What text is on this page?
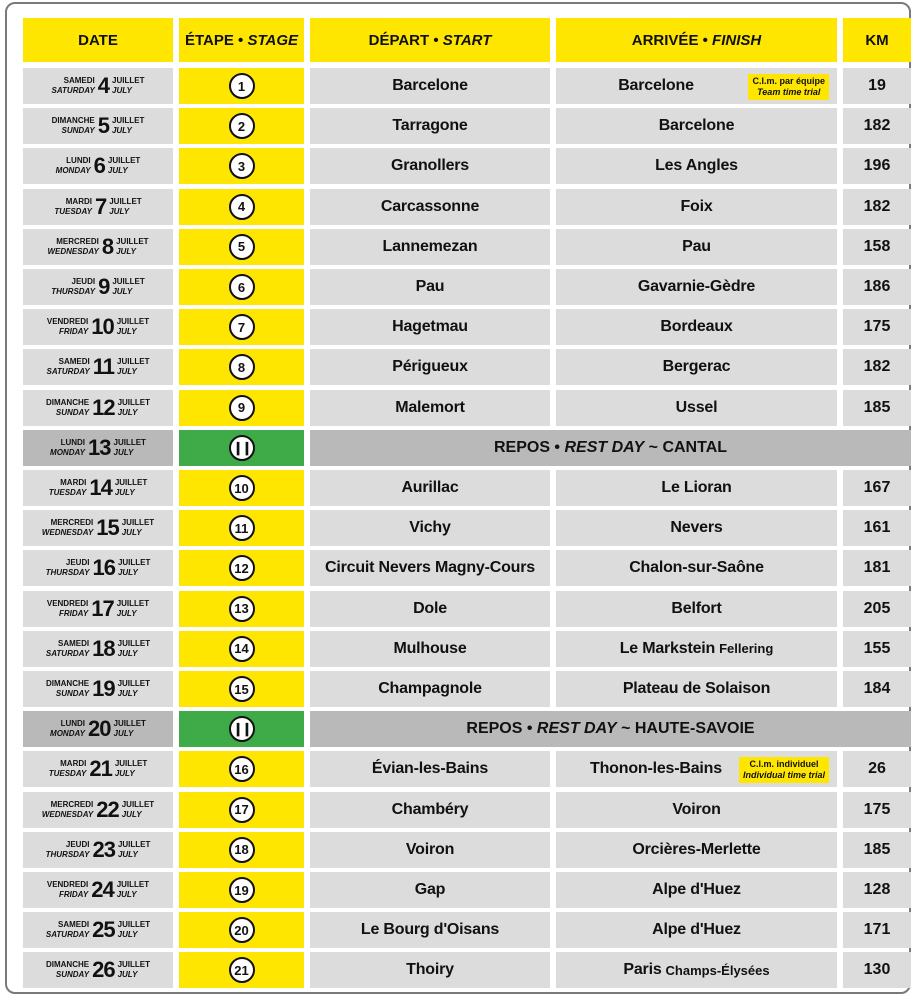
DATE	ÉTAPE • STAGE	DÉPART • START	ARRIVÉE • FINISH	KM
SAMEDI
SATURDAY 4 JUILLET
JULY	1	Barcelone	Barcelone	C.l.m. par équipe
Team time trial	19
DIMANCHE
SUNDAY 5 JUILLET
JULY	2	Tarragone	Barcelone	182
LUNDI
MONDAY 6 JUILLET
JULY	3	Granollers	Les Angles	196
MARDI
TUESDAY 7 JUILLET
JULY	4	Carcassonne	Foix	182
MERCREDI
WEDNESDAY 8 JUILLET
JULY	5	Lannemezan	Pau	158
JEUDI
THURSDAY 9 JUILLET
JULY	6	Pau	Gavarnie-Gèdre	186
VENDREDI
FRIDAY 10 JUILLET
JULY	7	Hagetmau	Bordeaux	175
SAMEDI
SATURDAY 11 JUILLET
JULY	8	Périgueux	Bergerac	182
DIMANCHE
SUNDAY 12 JUILLET
JULY	9	Malemort	Ussel	185
LUNDI
MONDAY 13 JUILLET
JULY	❙❙	REPOS • REST DAY ~ CANTAL
MARDI
TUESDAY 14 JUILLET
JULY	10	Aurillac	Le Lioran	167
MERCREDI
WEDNESDAY 15 JUILLET
JULY	11	Vichy	Nevers	161
JEUDI
THURSDAY 16 JUILLET
JULY	12	Circuit Nevers Magny-Cours	Chalon-sur-Saône	181
VENDREDI
FRIDAY 17 JUILLET
JULY	13	Dole	Belfort	205
SAMEDI
SATURDAY 18 JUILLET
JULY	14	Mulhouse	Le Markstein Fellering	155
DIMANCHE
SUNDAY 19 JUILLET
JULY	15	Champagnole	Plateau de Solaison	184
LUNDI
MONDAY 20 JUILLET
JULY	❙❙	REPOS • REST DAY ~ HAUTE-SAVOIE
MARDI
TUESDAY 21 JUILLET
JULY	16	Évian-les-Bains	Thonon-les-Bains	C.l.m. individuel
Individual time trial	26
MERCREDI
WEDNESDAY 22 JUILLET
JULY	17	Chambéry	Voiron	175
JEUDI
THURSDAY 23 JUILLET
JULY	18	Voiron	Orcières-Merlette	185
VENDREDI
FRIDAY 24 JUILLET
JULY	19	Gap	Alpe d'Huez	128
SAMEDI
SATURDAY 25 JUILLET
JULY	20	Le Bourg d'Oisans	Alpe d'Huez	171
DIMANCHE
SUNDAY 26 JUILLET
JULY	21	Thoiry	Paris Champs-Élysées	130
